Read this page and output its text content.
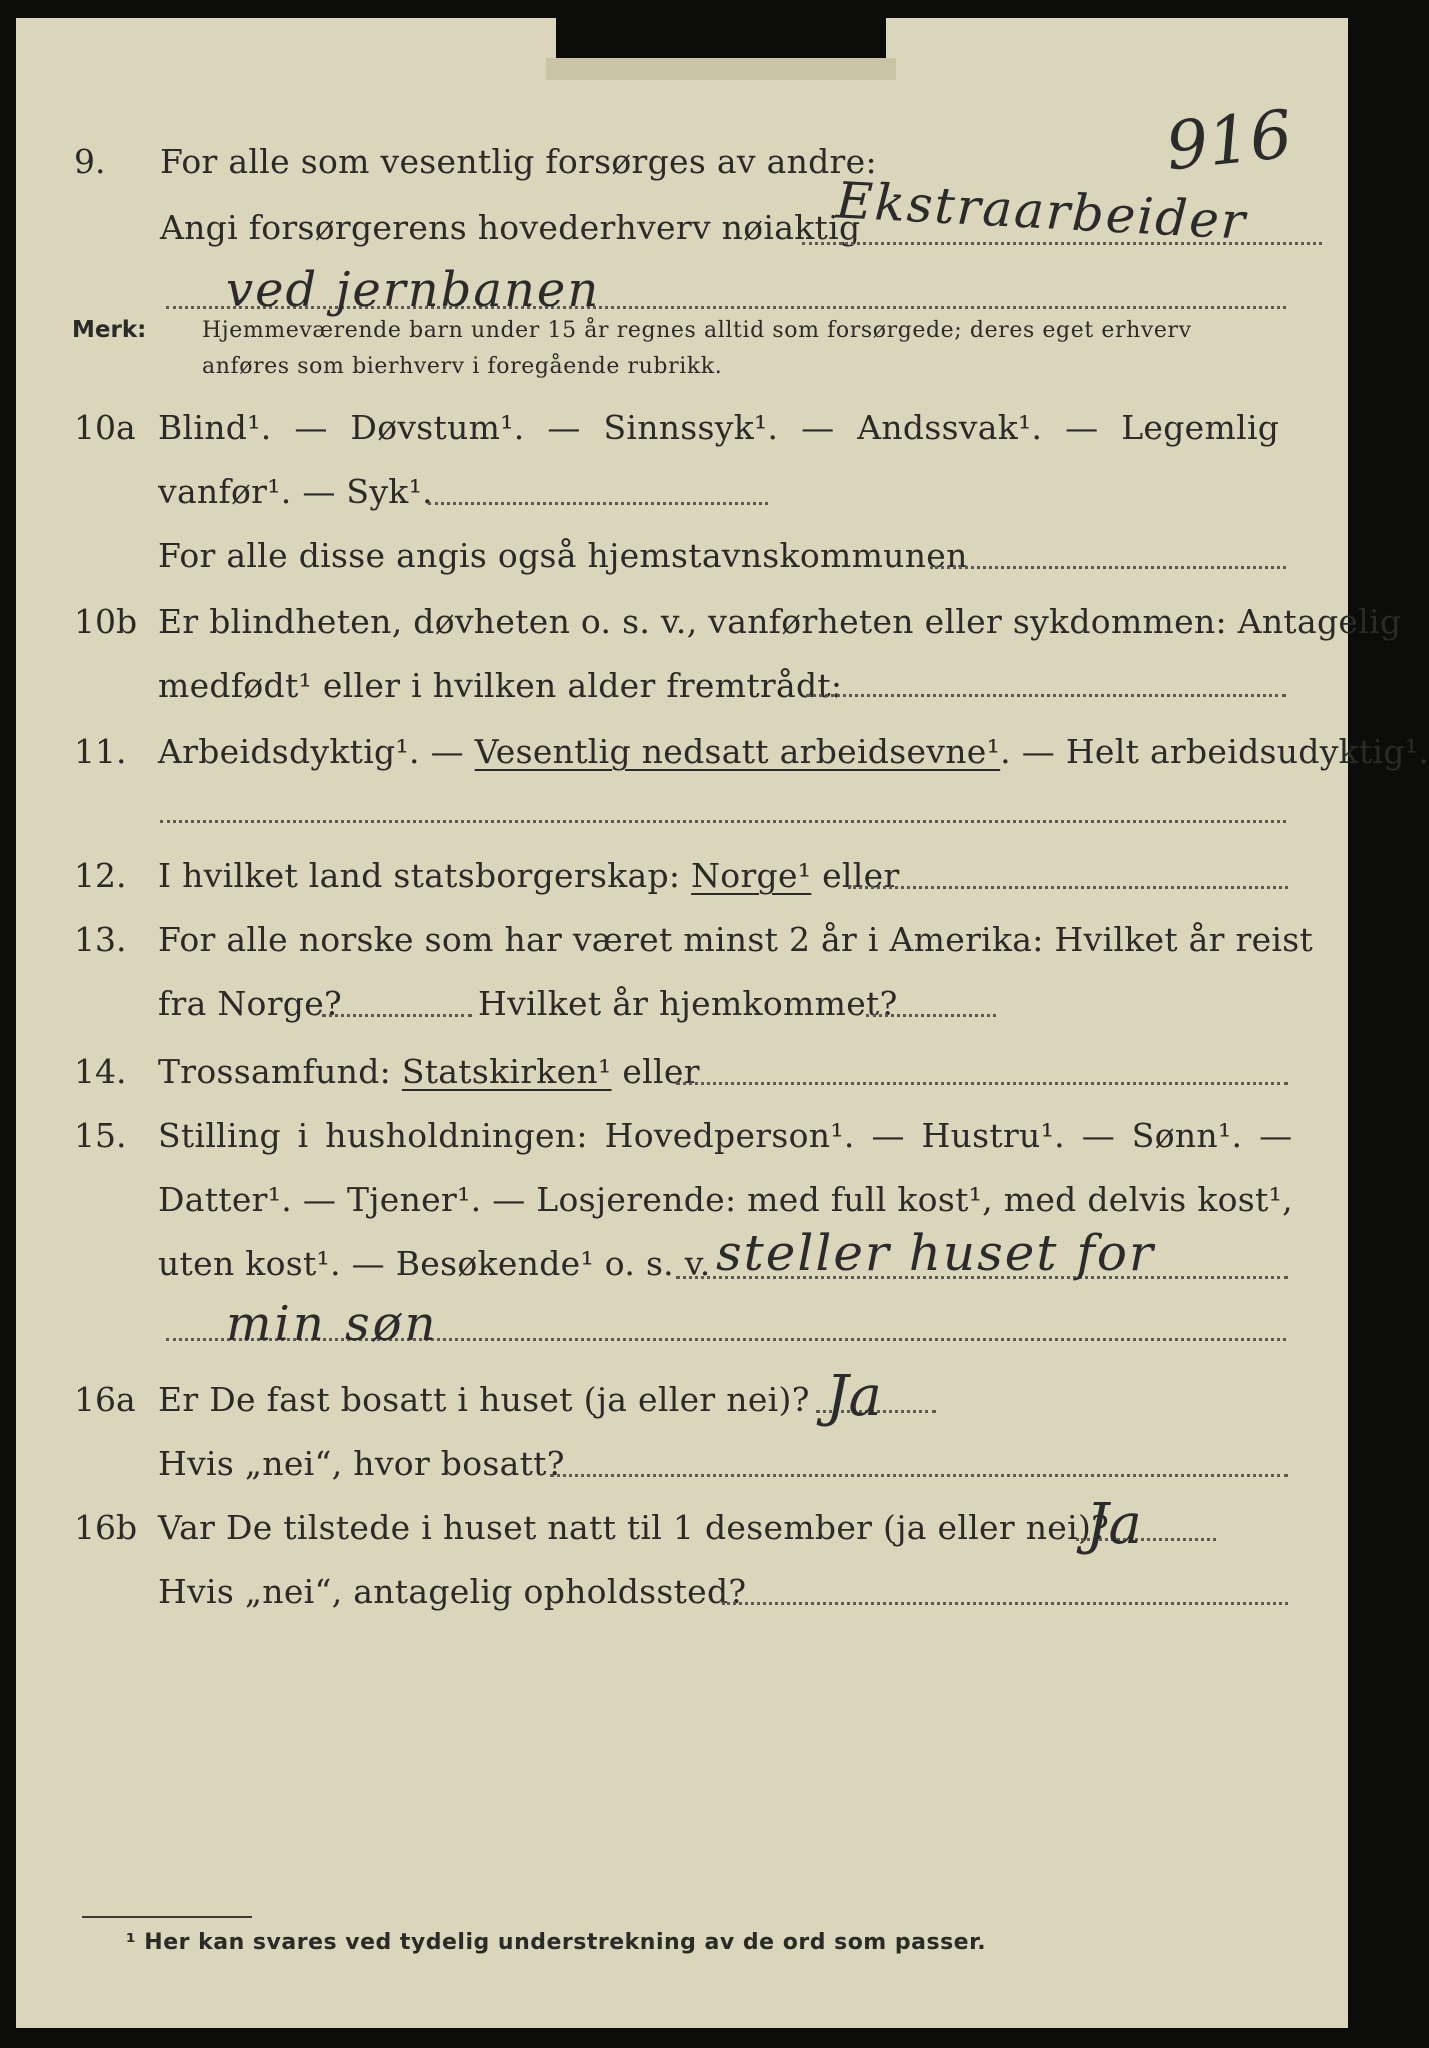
916
9. For alle som vesentlig forsørges av andre:
Angi forsørgerens hovederhverv nøiaktig
Ekstraarbeider
ved jernbanen
Merk:	Hjemmeværende barn under 15 år regnes alltid som forsørgede; deres eget erhverv
anføres som bierhverv i foregående rubrikk.
10a Blind¹. — Døvstum¹. — Sinnssyk¹. — Andssvak¹. — Legemlig
vanfør¹. — Syk¹.
For alle disse angis også hjemstavnskommunen
10b Er blindheten, døvheten o. s. v., vanførheten eller sykdommen: Antagelig
medfødt¹ eller i hvilken alder fremtrådt:
11. Arbeidsdyktig¹. — Vesentlig nedsatt arbeidsevne¹. — Helt arbeidsudyktig¹.
12. I hvilket land statsborgerskap: Norge¹ eller
13. For alle norske som har været minst 2 år i Amerika: Hvilket år reist
fra Norge?	Hvilket år hjemkommet?
14. Trossamfund: Statskirken¹ eller
15. Stilling i husholdningen: Hovedperson¹. — Hustru¹. — Sønn¹. —
Datter¹. — Tjener¹. — Losjerende: med full kost¹, med delvis kost¹,
uten kost¹. — Besøkende¹ o. s. v. steller huset for
min søn
16a Er De fast bosatt i huset (ja eller nei)? Ja
Hvis „nei“, hvor bosatt?
16b Var De tilstede i huset natt til 1 desember (ja eller nei)?
Ja
Hvis „nei“, antagelig opholdssted?
¹ Her kan svares ved tydelig understrekning av de ord som passer.
